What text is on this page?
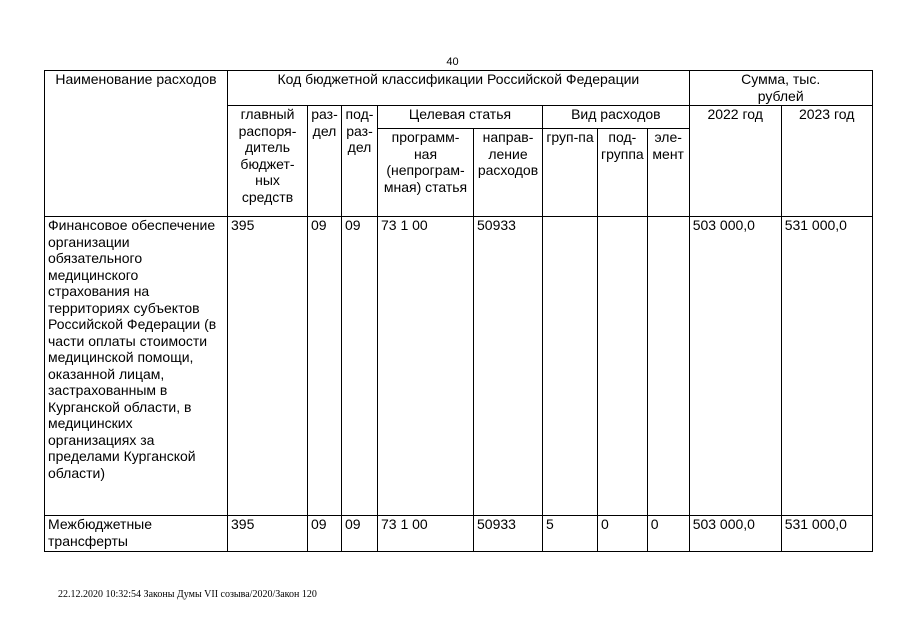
40
Наименование расходов	Код бюджетной классификации Российской Федерации								Сумма, тыс. рублей	
	главный распоря-дитель бюджет-ных средств	раз-дел	под-раз-дел	Целевая статья		Вид расходов			2022 год	2023 год
				программ-ная (непрограм-мная) статья	направ-ление расходов	груп-па	под-группа	эле-мент		
Финансовое обеспечение организации обязательного медицинского страхования на территориях субъектов Российской Федерации (в части оплаты стоимости медицинской помощи, оказанной лицам, застрахованным в Курганской области, в медицинских организациях за пределами Курганской области)	395	09	09	73 1 00	50933				503 000,0	531 000,0
Межбюджетные трансферты	395	09	09	73 1 00	50933	5	0	0	503 000,0	531 000,0
22.12.2020 10:32:54 Законы Думы VII созыва/2020/Закон 120
